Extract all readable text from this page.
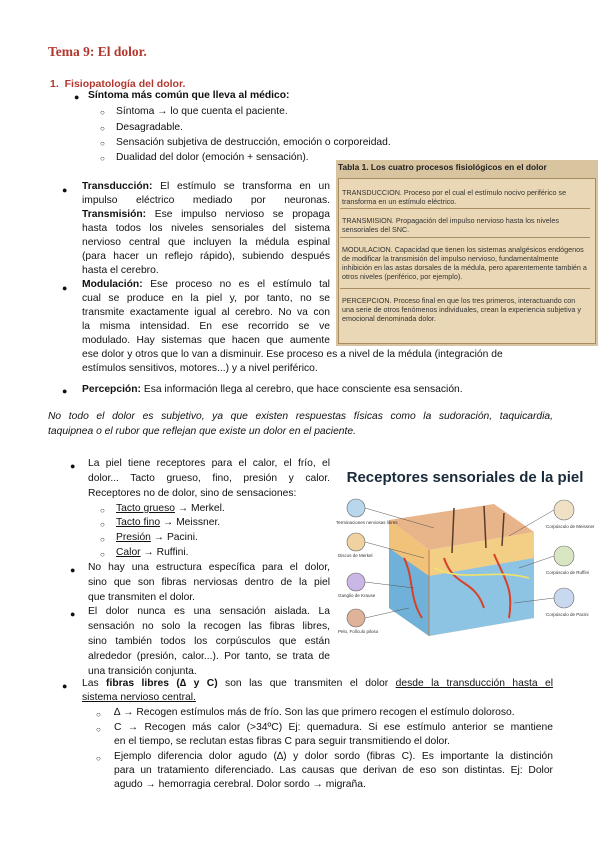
Tema 9: El dolor.
1. Fisiopatología del dolor.
● Síntoma más común que lleva al médico:
○ Síntoma → lo que cuenta el paciente.
○ Desagradable.
○ Sensación subjetiva de destrucción, emoción o corporeidad.
○ Dualidad del dolor (emoción + sensación).
Tabla 1. Los cuatro procesos fisiológicos en el dolor
TRANSDUCCION. Proceso por el cual el estímulo nocivo periférico se transforma en un estímulo eléctrico.
TRANSMISION. Propagación del impulso nervioso hasta los niveles sensoriales del SNC.
MODULACION. Capacidad que tienen los sistemas analgésicos endógenos de modificar la transmisión del impulso nervioso, fundamentalmente inhibición en las astas dorsales de la médula, pero aparentemente también a otros niveles (periférico, por ejemplo).
PERCEPCION. Proceso final en que los tres primeros, interactuando con una serie de otros fenómenos individuales, crean la experiencia subjetiva y emocional denominada dolor.
● Transducción: El estímulo se transforma en un
impulso eléctrico mediado por neuronas.
Transmisión: Ese impulso nervioso se propaga
hasta todos los niveles sensoriales del sistema
nervioso central que incluyen la médula espinal
(para hacer un reflejo rápido), subiendo después
hasta el cerebro.
● Modulación: Ese proceso no es el estímulo tal
cual se produce en la piel y, por tanto, no se
transmite exactamente igual al cerebro. No va con
la misma intensidad. En ese recorrido se ve
modulado. Hay sistemas que hacen que aumente
ese dolor y otros que lo van a disminuir. Ese proceso es a nivel de la médula (integración de
estímulos sensitivos, motores...) y a nivel periférico.
● Percepción: Esa información llega al cerebro, que hace consciente esa sensación.
No todo el dolor es subjetivo, ya que existen respuestas físicas como la sudoración, taquicardia,
taquipnea o el rubor que reflejan que existe un dolor en el paciente.
● La piel tiene receptores para el calor, el frío, el
dolor... Tacto grueso, fino, presión y calor.
Receptores no de dolor, sino de sensaciones:
○ Tacto grueso → Merkel.
○ Tacto fino → Meissner.
○ Presión → Pacini.
○ Calor → Ruffini.
● No hay una estructura específica para el dolor,
sino que son fibras nerviosas dentro de la piel
que transmiten el dolor.
● El dolor nunca es una sensación aislada. La
sensación no solo la recogen las fibras libres,
sino también todos los corpúsculos que están
alrededor (presión, calor...). Por tanto, se trata de
una transición conjunta.
Receptores sensoriales de la piel
Terminaciones nerviosas libres
Discos de Merkel
Ganglio de Krause
Pelo, Folículo piloso
Corpúsculo de Meissner
Corpúsculo de Ruffini
Corpúsculo de Pacini
● Las fibras libres (∆ y C) son las que transmiten el dolor desde la transducción hasta el
sistema nervioso central.
○ ∆ → Recogen estímulos más de frío. Son las que primero recogen el estímulo doloroso.
○ C → Recogen más calor (>34ºC) Ej: quemadura. Si ese estímulo anterior se mantiene
en el tiempo, se reclutan estas fibras C para seguir transmitiendo el dolor.
○ Ejemplo diferencia dolor agudo (∆) y dolor sordo (fibras C). Es importante la distinción
para un tratamiento diferenciado. Las causas que derivan de eso son distintas. Ej: Dolor
agudo → hemorragia cerebral. Dolor sordo → migraña.
